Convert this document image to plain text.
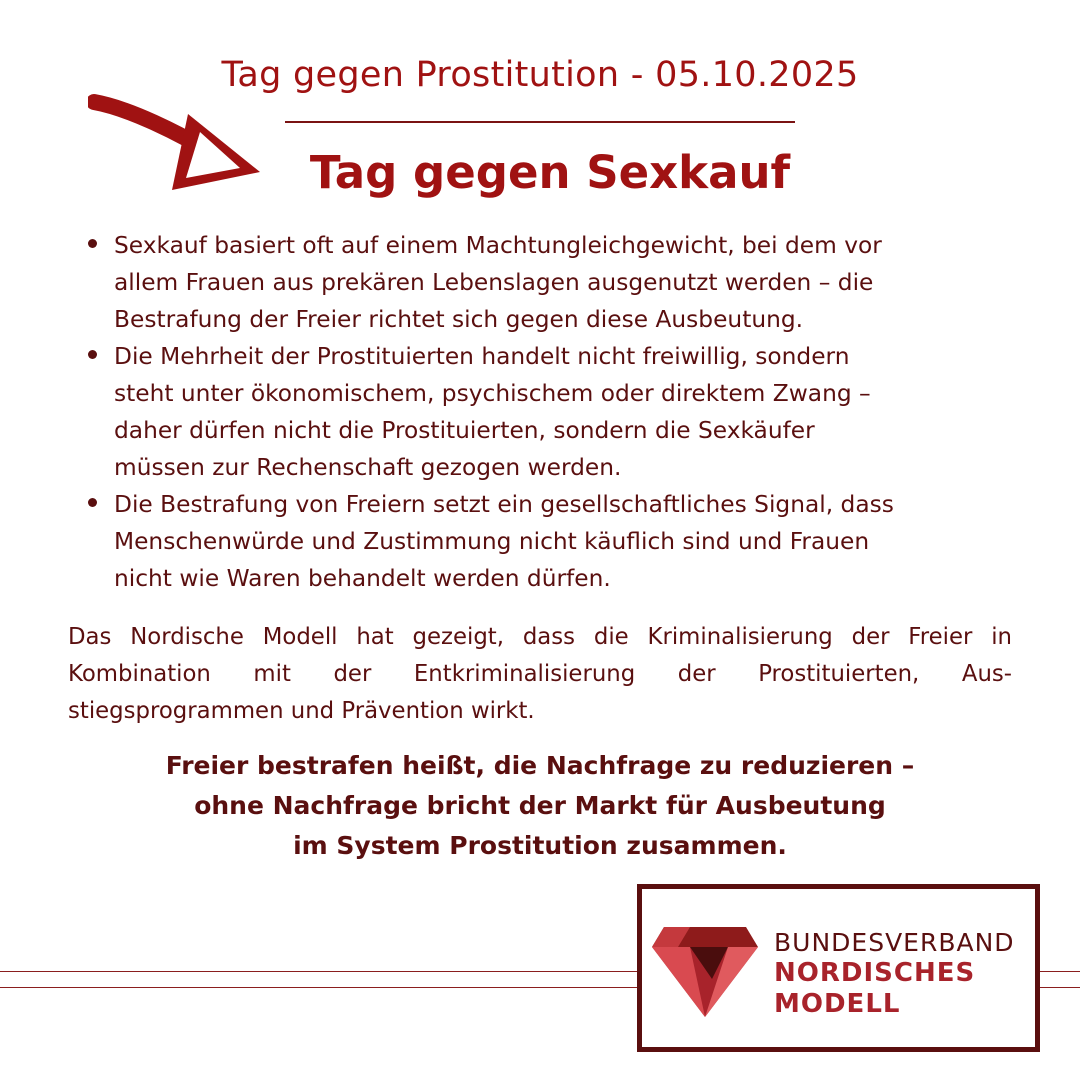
Tag gegen Prostitution - 05.10.2025
Tag gegen Sexkauf
Sexkauf basiert oft auf einem Machtungleichgewicht, bei dem vor
allem Frauen aus prekären Lebenslagen ausgenutzt werden – die
Bestrafung der Freier richtet sich gegen diese Ausbeutung.
Die Mehrheit der Prostituierten handelt nicht freiwillig, sondern
steht unter ökonomischem, psychischem oder direktem Zwang –
daher dürfen nicht die Prostituierten, sondern die Sexkäufer
müssen zur Rechenschaft gezogen werden.
Die Bestrafung von Freiern setzt ein gesellschaftliches Signal, dass
Menschenwürde und Zustimmung nicht käuflich sind und Frauen
nicht wie Waren behandelt werden dürfen.
Das Nordische Modell hat gezeigt, dass die Kriminalisierung der Freier in Kombination mit der Entkriminalisierung der Prostituierten, Aus-stiegsprogrammen und Prävention wirkt.
Freier bestrafen heißt, die Nachfrage zu reduzieren –
ohne Nachfrage bricht der Markt für Ausbeutung
im System Prostitution zusammen.
BUNDESVERBAND
NORDISCHES
MODELL
